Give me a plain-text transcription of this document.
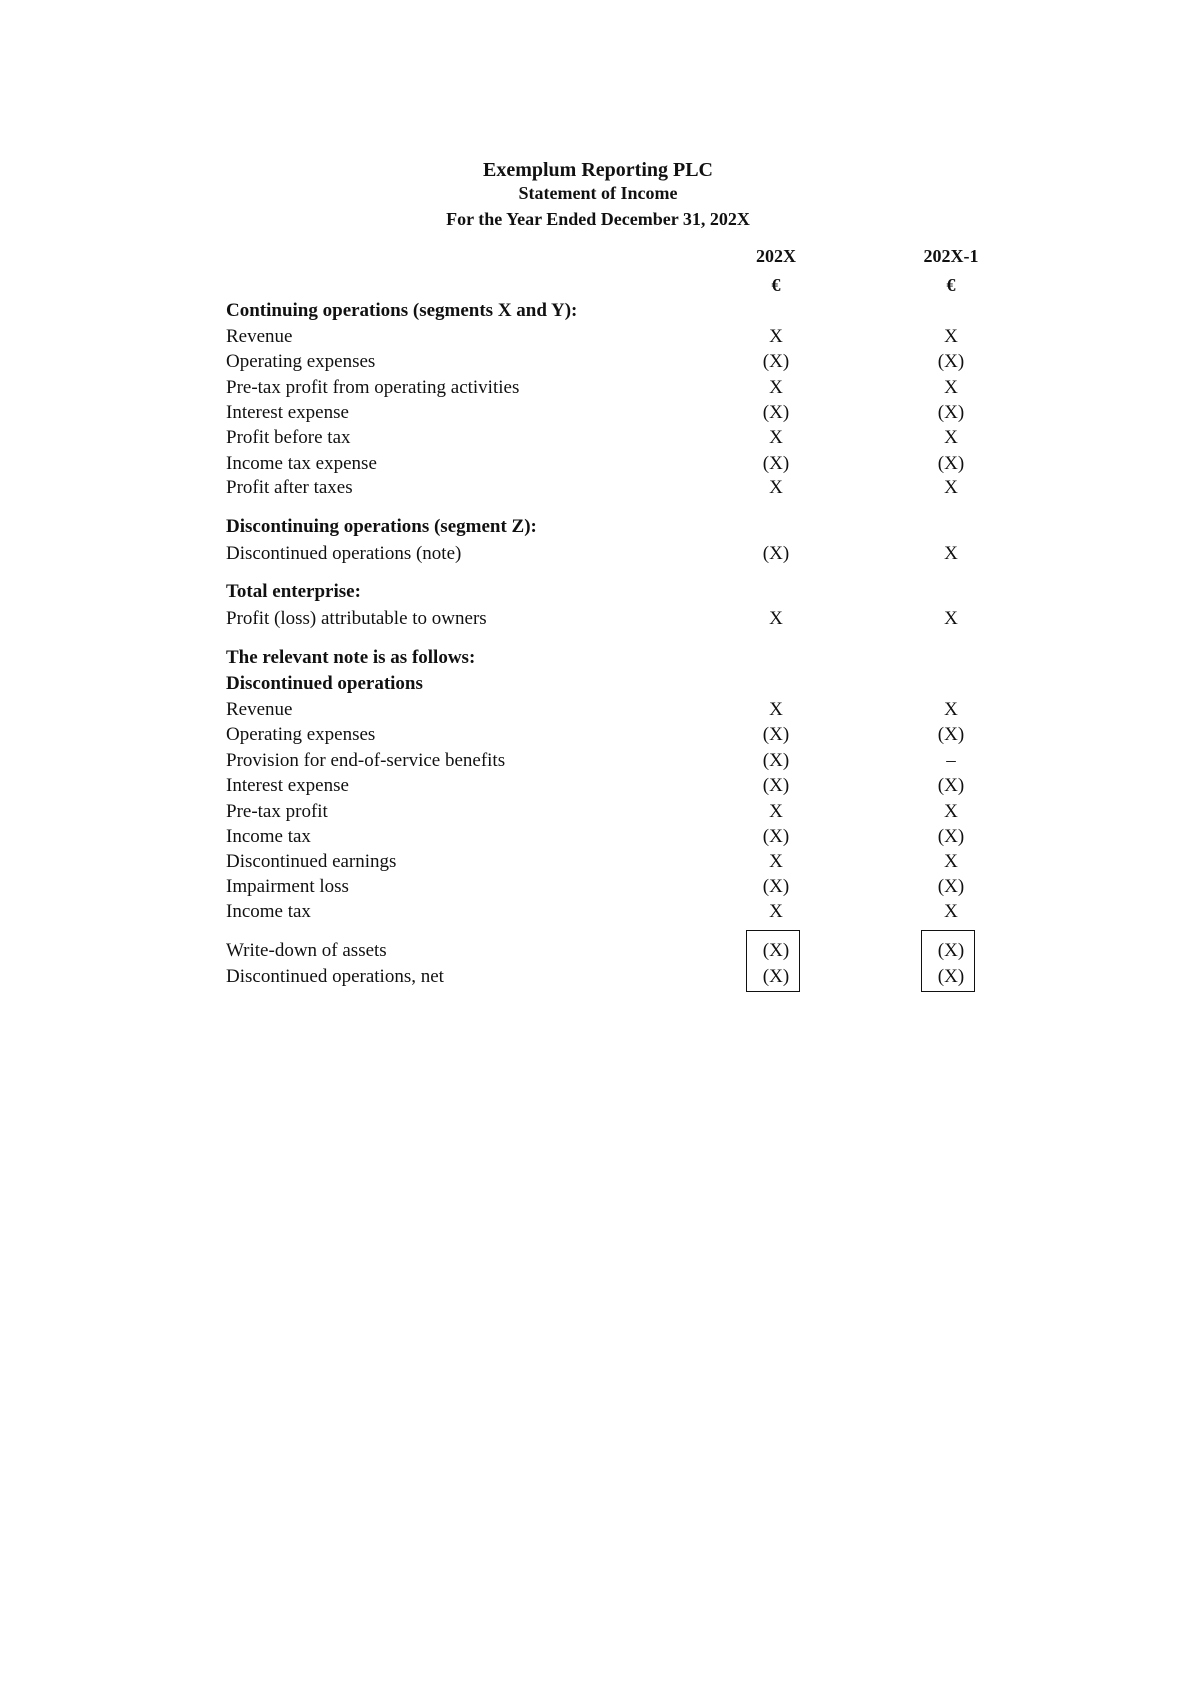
Exemplum Reporting PLC
Statement of Income
For the Year Ended December 31, 202X
202X	202X-1
€	€
Continuing operations (segments X and Y):
Revenue	X	X
Operating expenses	(X)	(X)
Pre-tax profit from operating activities	X	X
Interest expense	(X)	(X)
Profit before tax	X	X
Income tax expense	(X)	(X)
Profit after taxes	X	X
Discontinuing operations (segment Z):
Discontinued operations (note)	(X)	X
Total enterprise:
Profit (loss) attributable to owners	X	X
The relevant note is as follows:
Discontinued operations
Revenue	X	X
Operating expenses	(X)	(X)
Provision for end-of-service benefits	(X)	–
Interest expense	(X)	(X)
Pre-tax profit	X	X
Income tax	(X)	(X)
Discontinued earnings	X	X
Impairment loss	(X)	(X)
Income tax	X	X
Write-down of assets	(X)	(X)
Discontinued operations, net	(X)	(X)
